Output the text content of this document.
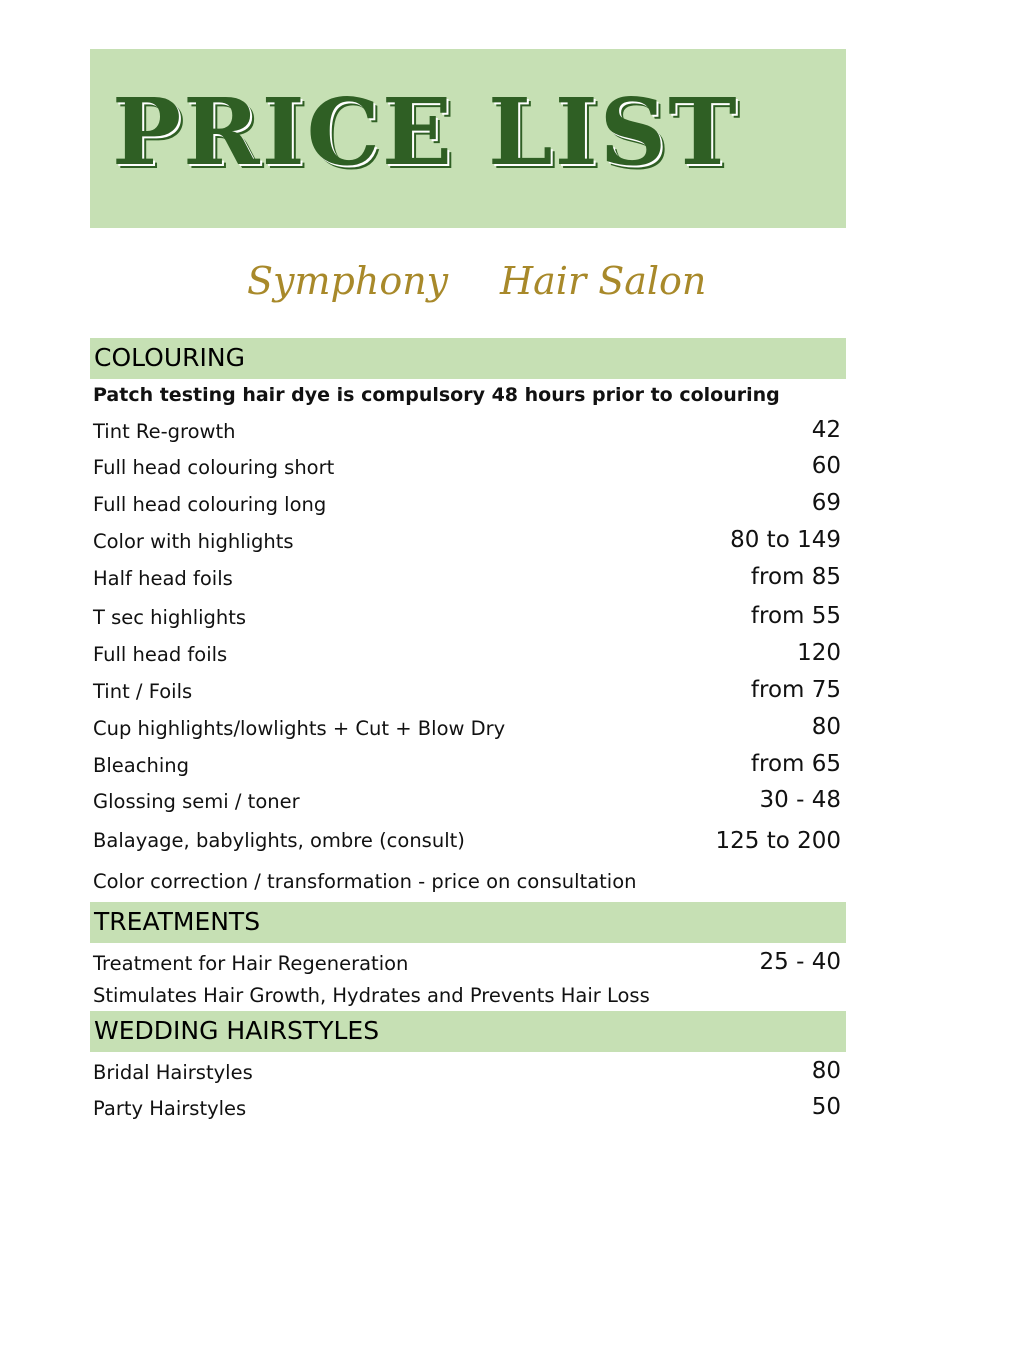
PRICE LIST
Symphony Hair Salon
COLOURING
Patch testing hair dye is compulsory 48 hours prior to colouring
Tint Re-growth	42
Full head colouring short	60
Full head colouring long	69
Color with highlights	80 to 149
Half head foils	from 85
T sec highlights	from 55
Full head foils	120
Tint / Foils	from 75
Cup highlights/lowlights + Cut + Blow Dry	80
Bleaching	from 65
Glossing semi / toner	30 - 48
Balayage, babylights, ombre (consult)	125 to 200
Color correction / transformation - price on consultation
TREATMENTS
Treatment for Hair Regeneration	25 - 40
Stimulates Hair Growth, Hydrates and Prevents Hair Loss
WEDDING HAIRSTYLES
Bridal Hairstyles	80
Party Hairstyles	50
